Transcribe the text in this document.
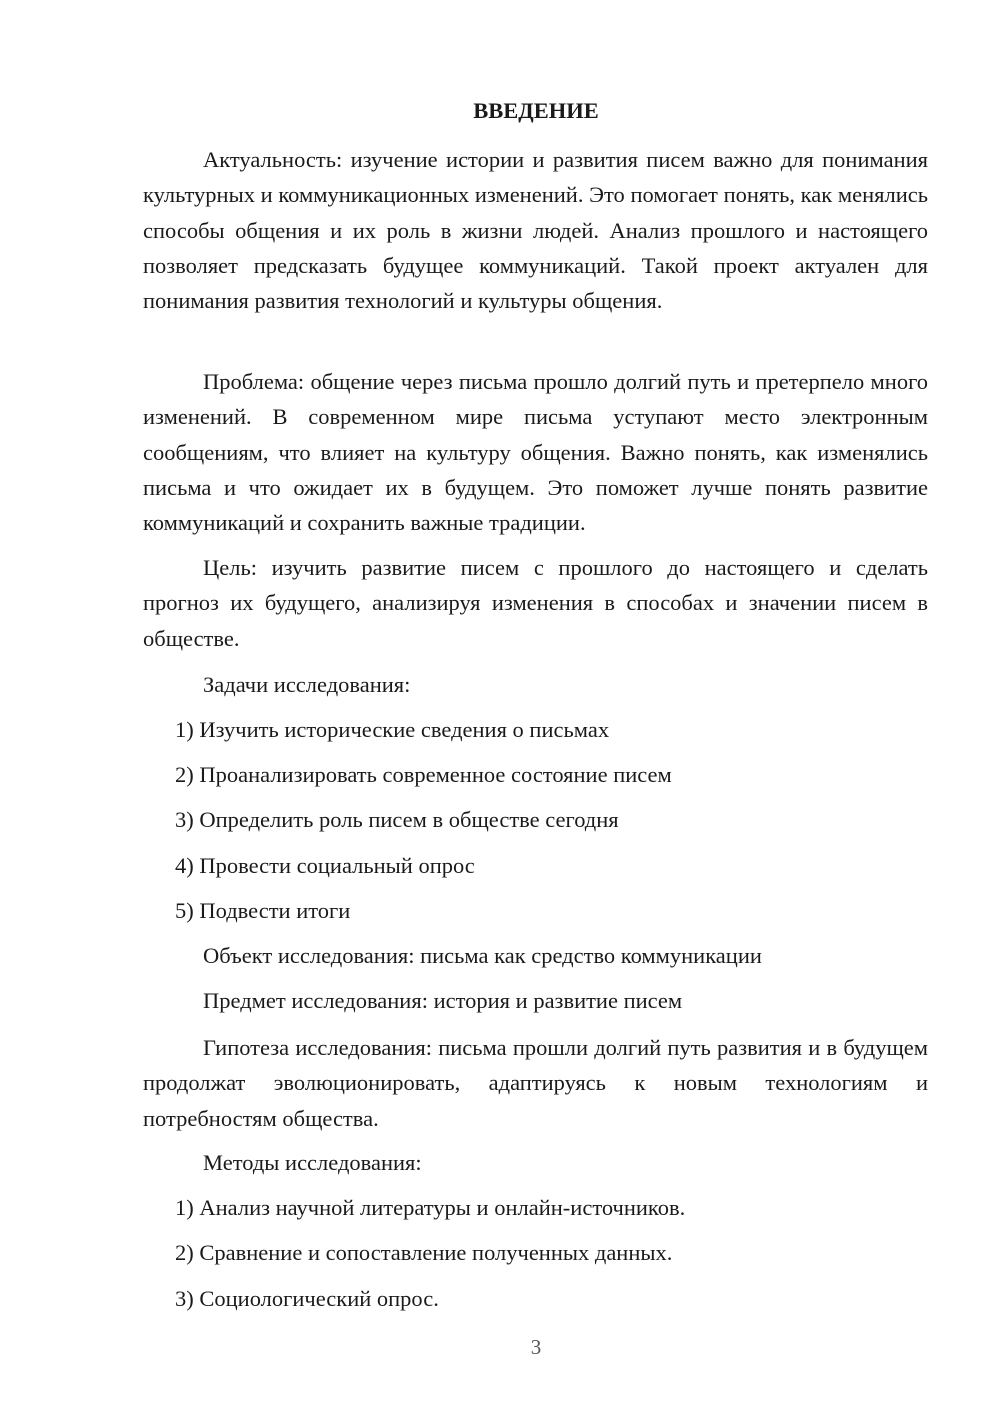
ВВЕДЕНИЕ

Актуальность: изучение истории и развития писем важно для понимания культурных и коммуникационных изменений. Это помогает понять, как менялись способы общения и их роль в жизни людей. Анализ прошлого и настоящего позволяет предсказать будущее коммуникаций. Такой проект актуален для понимания развития технологий и культуры общения.

Проблема: общение через письма прошло долгий путь и претерпело много изменений. В современном мире письма уступают место электронным сообщениям, что влияет на культуру общения. Важно понять, как изменялись письма и что ожидает их в будущем. Это поможет лучше понять развитие коммуникаций и сохранить важные традиции.

Цель: изучить развитие писем с прошлого до настоящего и сделать прогноз их будущего, анализируя изменения в способах и значении писем в обществе.

Задачи исследования:

1) Изучить исторические сведения о письмах

2) Проанализировать современное состояние писем

3) Определить роль писем в обществе сегодня

4) Провести социальный опрос

5) Подвести итоги

Объект исследования: письма как средство коммуникации

Предмет исследования: история и развитие писем

Гипотеза исследования: письма прошли долгий путь развития и в будущем продолжат эволюционировать, адаптируясь к новым технологиям и потребностям общества.

Методы исследования:

1) Анализ научной литературы и онлайн-источников.

2) Сравнение и сопоставление полученных данных.

3) Социологический опрос.

3
